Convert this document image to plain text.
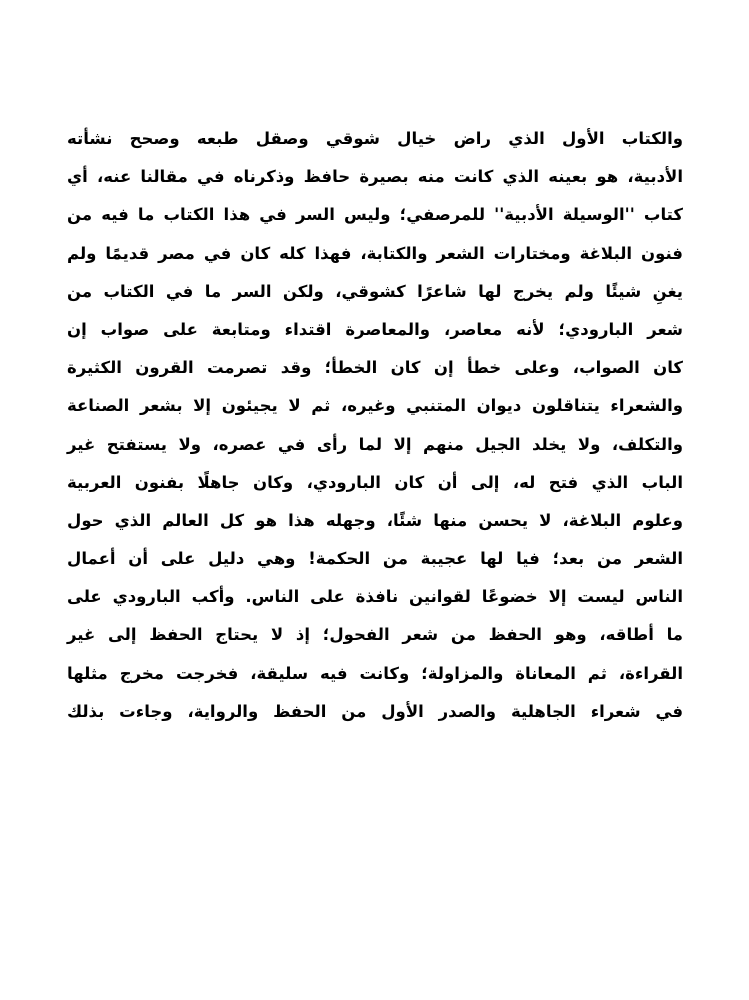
والكتاب الأول الذي راض خيال شوقي وصقل طبعه وصحح نشأته
الأدبية، هو بعينه الذي كانت منه بصيرة حافظ وذكرناه في مقالنا عنه، أي
كتاب ''الوسيلة الأدبية'' للمرصفي؛ وليس السر في هذا الكتاب ما فيه من
فنون البلاغة ومختارات الشعر والكتابة، فهذا كله كان في مصر قديمًا ولم
يغنِ شيئًا ولم يخرج لها شاعرًا كشوقي، ولكن السر ما في الكتاب من
شعر البارودي؛ لأنه معاصر، والمعاصرة اقتداء ومتابعة على صواب إن
كان الصواب، وعلى خطأ إن كان الخطأ؛ وقد تصرمت القرون الكثيرة
والشعراء يتناقلون ديوان المتنبي وغيره، ثم لا يجيئون إلا بشعر الصناعة
والتكلف، ولا يخلد الجيل منهم إلا لما رأى في عصره، ولا يستفتح غير
الباب الذي فتح له، إلى أن كان البارودي، وكان جاهلًا بفنون العربية
وعلوم البلاغة، لا يحسن منها شئًا، وجهله هذا هو كل العالم الذي حول
الشعر من بعد؛ فيا لها عجيبة من الحكمة! وهي دليل على أن أعمال
الناس ليست إلا خضوعًا لقوانين نافذة على الناس. وأكب البارودي على
ما أطاقه، وهو الحفظ من شعر الفحول؛ إذ لا يحتاج الحفظ إلى غير
القراءة، ثم المعاناة والمزاولة؛ وكانت فيه سليقة، فخرجت مخرج مثلها
في شعراء الجاهلية والصدر الأول من الحفظ والرواية، وجاءت بذلك
